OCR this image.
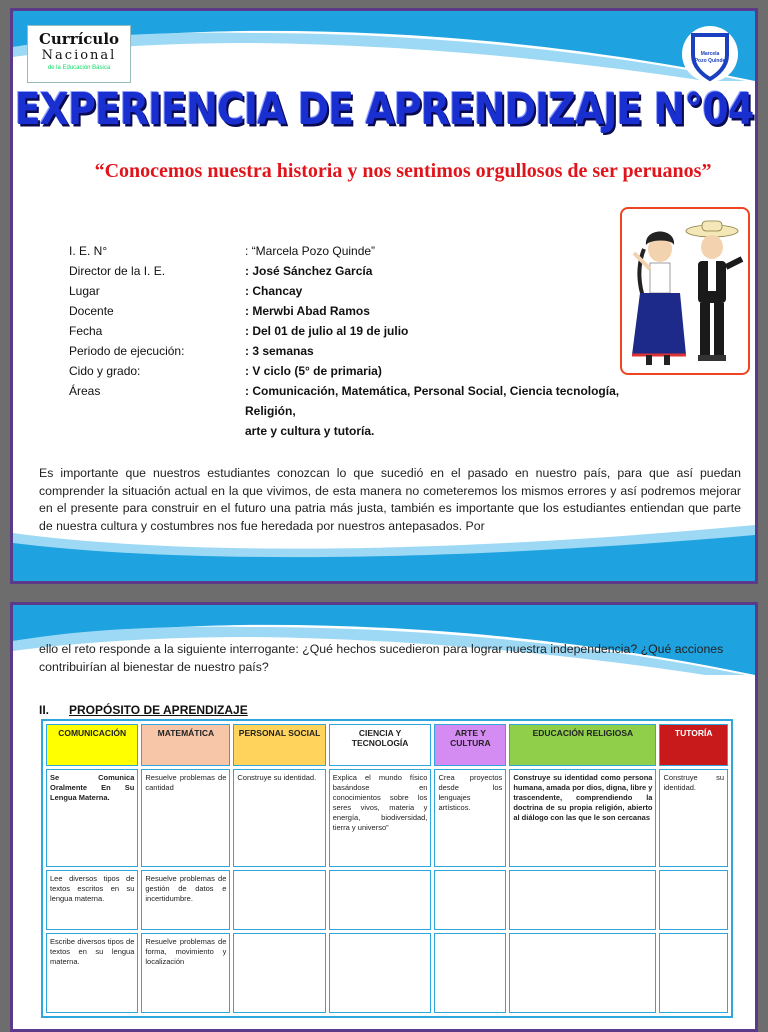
Currículo
Nacional
de la Educación Básica
Marcela
Pozo Quinde
EXPERIENCIA DE APRENDIZAJE N°04
“Conocemos nuestra historia y nos sentimos orgullosos de ser peruanos”
I. E. N°	: “Marcela Pozo Quinde”
Director de la I. E.	: José Sánchez García
Lugar	: Chancay
Docente	: Merwbi Abad Ramos
Fecha	: Del 01 de julio al 19 de julio
Periodo de ejecución:	: 3 semanas
Cido y grado:	: V ciclo (5° de primaria)
Áreas	: Comunicación, Matemática, Personal Social, Ciencia tecnología, Religión,
arte y cultura y tutoría.
Es importante que nuestros estudiantes conozcan lo que sucedió en el pasado en nuestro país, para que así puedan comprender la situación actual en la que vivimos, de esta manera no cometeremos los mismos errores y así podremos mejorar en el presente para construir en el futuro una patria más justa, también es importante que los estudiantes entiendan que parte de nuestra cultura y costumbres nos fue heredada por nuestros antepasados. Por
ello el reto responde a la siguiente interrogante: ¿Qué hechos sucedieron para lograr nuestra independencia? ¿Qué acciones contribuirían al bienestar de nuestro país?
II. PROPÓSITO DE APRENDIZAJE
COMUNICACIÓN	MATEMÁTICA	PERSONAL SOCIAL	CIENCIA Y TECNOLOGÍA	ARTE Y CULTURA	EDUCACIÓN RELIGIOSA	TUTORÍA
Se Comunica Oralmente En Su Lengua Materna.	Resuelve problemas de cantidad	Construye su identidad.	Explica el mundo físico basándose en conocimientos sobre los seres vivos, materia y energía, biodiversidad, tierra y universo”	Crea proyectos desde los lenguajes artísticos.	Construye su identidad como persona humana, amada por dios, digna, libre y trascendente, comprendiendo la doctrina de su propia religión, abierto al diálogo con las que le son cercanas	Construye su identidad.
Lee diversos tipos de textos escritos en su lengua materna.	Resuelve problemas de gestión de datos e incertidumbre.					
Escribe diversos tipos de textos en su lengua materna.	Resuelve problemas de forma, movimiento y localización					
